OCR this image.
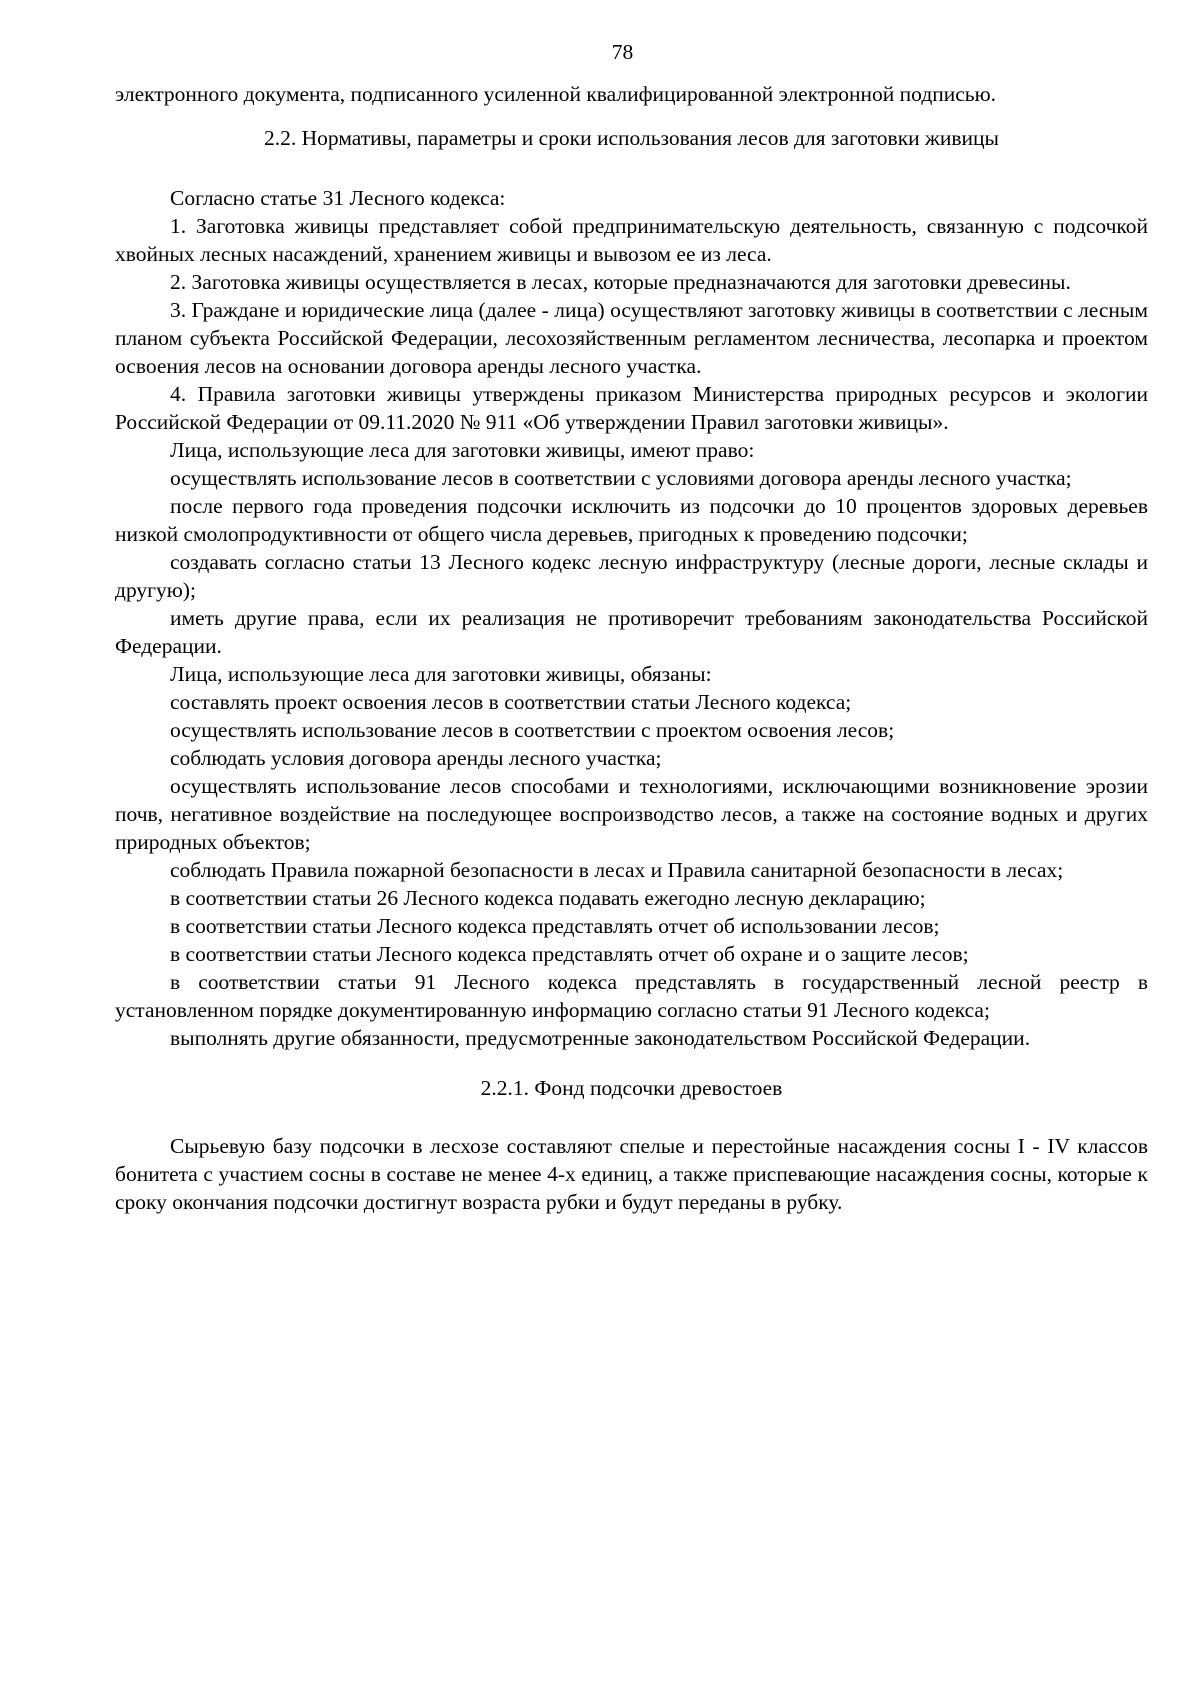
78

электронного документа, подписанного усиленной квалифицированной электронной подписью.

2.2. Нормативы, параметры и сроки использования лесов для заготовки живицы

Согласно статье 31 Лесного кодекса:

1. Заготовка живицы представляет собой предпринимательскую деятельность, связанную с подсочкой хвойных лесных насаждений, хранением живицы и вывозом ее из леса.

2. Заготовка живицы осуществляется в лесах, которые предназначаются для заготовки древесины.

3. Граждане и юридические лица (далее - лица) осуществляют заготовку живицы в соответствии с лесным планом субъекта Российской Федерации, лесохозяйственным регламентом лесничества, лесопарка и проектом освоения лесов на основании договора аренды лесного участка.

4. Правила заготовки живицы утверждены приказом Министерства природных ресурсов и экологии Российской Федерации от 09.11.2020 № 911 «Об утверждении Правил заготовки живицы».

Лица, использующие леса для заготовки живицы, имеют право:

осуществлять использование лесов в соответствии с условиями договора аренды лесного участка;

после первого года проведения подсочки исключить из подсочки до 10 процентов здоровых деревьев низкой смолопродуктивности от общего числа деревьев, пригодных к проведению подсочки;

создавать согласно статьи 13 Лесного кодекс лесную инфраструктуру (лесные дороги, лесные склады и другую);

иметь другие права, если их реализация не противоречит требованиям законодательства Российской Федерации.

Лица, использующие леса для заготовки живицы, обязаны:

составлять проект освоения лесов в соответствии статьи Лесного кодекса;

осуществлять использование лесов в соответствии с проектом освоения лесов;

соблюдать условия договора аренды лесного участка;

осуществлять использование лесов способами и технологиями, исключающими возникновение эрозии почв, негативное воздействие на последующее воспроизводство лесов, а также на состояние водных и других природных объектов;

соблюдать Правила пожарной безопасности в лесах и Правила санитарной безопасности в лесах;

в соответствии статьи 26 Лесного кодекса подавать ежегодно лесную декларацию;

в соответствии статьи Лесного кодекса представлять отчет об использовании лесов;

в соответствии статьи Лесного кодекса представлять отчет об охране и о защите лесов;

в соответствии статьи 91 Лесного кодекса представлять в государственный лесной реестр в установленном порядке документированную информацию согласно статьи 91 Лесного кодекса;

выполнять другие обязанности, предусмотренные законодательством Российской Федерации.

2.2.1. Фонд подсочки древостоев

Сырьевую базу подсочки в лесхозе составляют спелые и перестойные насаждения сосны I - IV классов бонитета с участием сосны в составе не менее 4-х единиц, а также приспевающие насаждения сосны, которые к сроку окончания подсочки достигнут возраста рубки и будут переданы в рубку.
